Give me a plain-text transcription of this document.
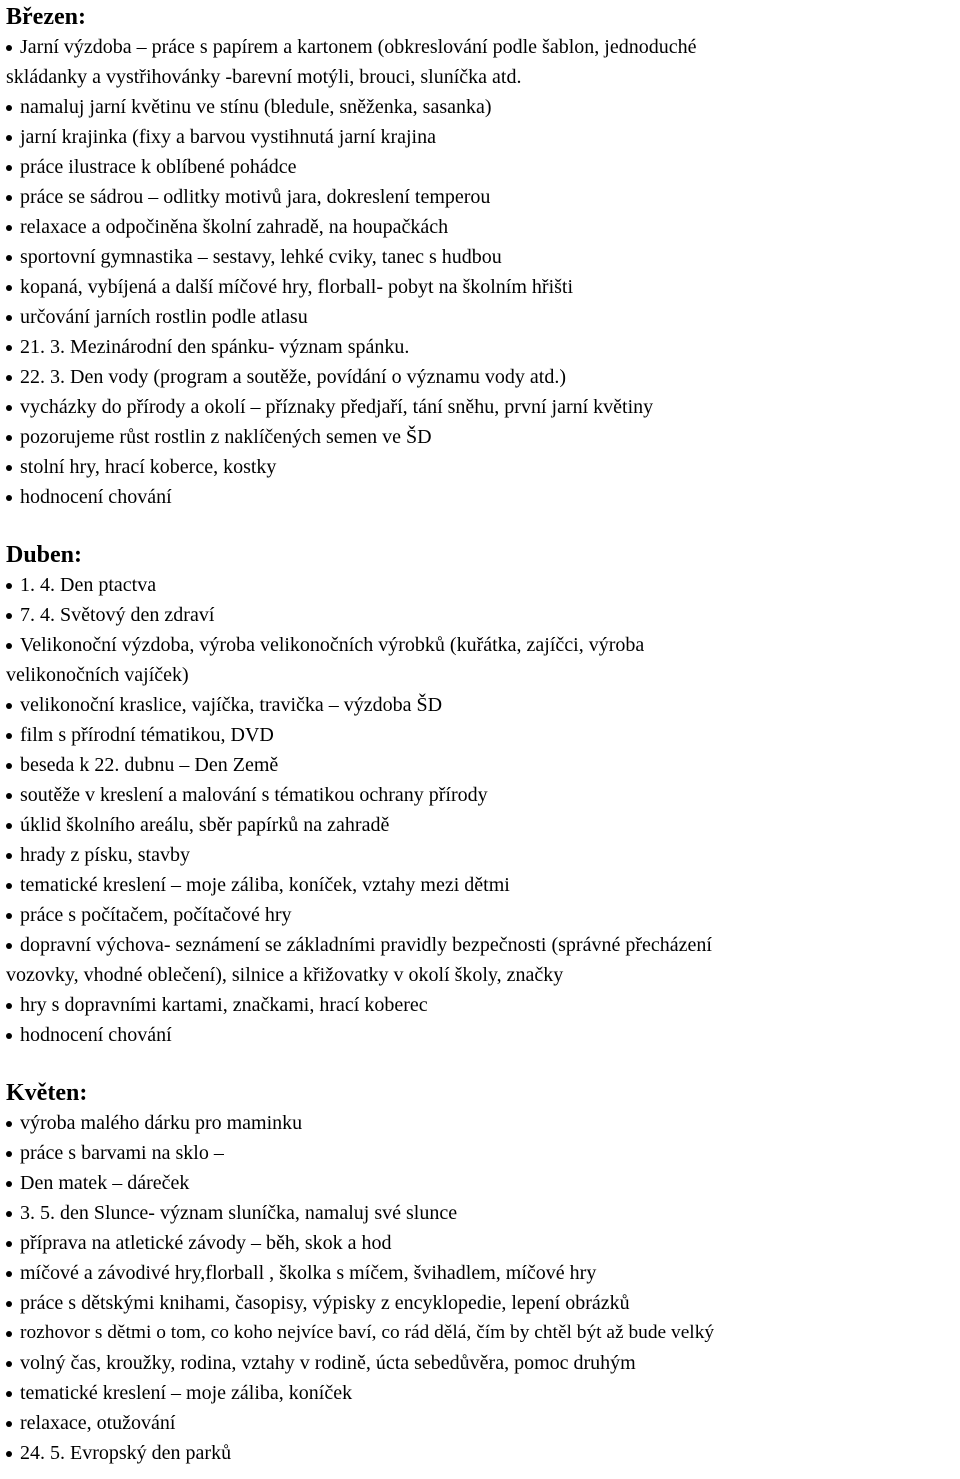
Březen:
Jarní výzdoba – práce s papírem a kartonem (obkreslování podle šablon, jednoduché
skládanky a vystřihovánky -barevní motýli, brouci, sluníčka atd.
namaluj jarní květinu ve stínu (bledule, sněženka, sasanka)
jarní krajinka (fixy a barvou vystihnutá jarní krajina
práce ilustrace k oblíbené pohádce
práce se sádrou – odlitky motivů jara, dokreslení temperou
relaxace a odpočiněna školní zahradě, na houpačkách
sportovní gymnastika – sestavy, lehké cviky, tanec s hudbou
kopaná, vybíjená a další míčové hry, florball- pobyt na školním hřišti
určování jarních rostlin podle atlasu
21. 3. Mezinárodní den spánku- význam spánku.
22. 3. Den vody (program a soutěže, povídání o významu vody atd.)
vycházky do přírody a okolí – příznaky předjaří, tání sněhu, první jarní květiny
pozorujeme růst rostlin z naklíčených semen ve ŠD
stolní hry, hrací koberce, kostky
hodnocení chování
Duben:
1. 4. Den ptactva
7. 4. Světový den zdraví
Velikonoční výzdoba, výroba velikonočních výrobků (kuřátka, zajíčci, výroba
velikonočních vajíček)
velikonoční kraslice, vajíčka, travička – výzdoba ŠD
film s přírodní tématikou, DVD
beseda k 22. dubnu – Den Země
soutěže v kreslení a malování s tématikou ochrany přírody
úklid školního areálu, sběr papírků na zahradě
hrady z písku, stavby
tematické kreslení – moje záliba, koníček, vztahy mezi dětmi
práce s počítačem, počítačové hry
dopravní výchova- seznámení se základními pravidly bezpečnosti (správné přecházení
vozovky, vhodné oblečení), silnice a křižovatky v okolí školy, značky
hry s dopravními kartami, značkami, hrací koberec
hodnocení chování
Květen:
výroba malého dárku pro maminku
práce s barvami na sklo –
Den matek – dáreček
3. 5. den Slunce- význam sluníčka, namaluj své slunce
příprava na atletické závody – běh, skok a hod
míčové a závodivé hry,florball , školka s míčem, švihadlem, míčové hry
práce s dětskými knihami, časopisy, výpisky z encyklopedie, lepení obrázků
rozhovor s dětmi o tom, co koho nejvíce baví, co rád dělá, čím by chtěl být až bude velký
volný čas, kroužky, rodina, vztahy v rodině, úcta sebedůvěra, pomoc druhým
tematické kreslení – moje záliba, koníček
relaxace, otužování
24. 5. Evropský den parků
